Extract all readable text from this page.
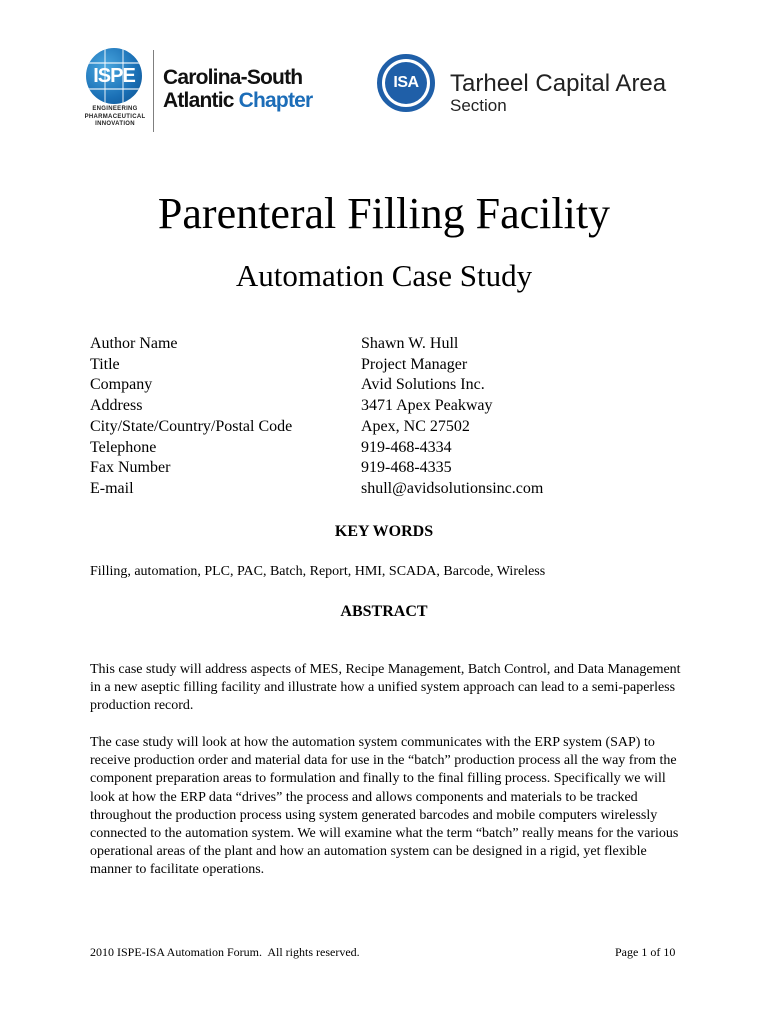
ISPE
ENGINEERING
PHARMACEUTICAL
INNOVATION
Carolina-South
Atlantic Chapter
ISA	Tarheel Capital Area
Section
Parenteral Filling Facility
Automation Case Study
Author Name	Shawn W. Hull
Title	Project Manager
Company	Avid Solutions Inc.
Address	3471 Apex Peakway
City/State/Country/Postal Code	Apex, NC 27502
Telephone	919-468-4334
Fax Number	919-468-4335
E-mail	shull@avidsolutionsinc.com
KEY WORDS
Filling, automation, PLC, PAC, Batch, Report, HMI, SCADA, Barcode, Wireless
ABSTRACT
This case study will address aspects of MES, Recipe Management, Batch Control, and Data Management in a new aseptic filling facility and illustrate how a unified system approach can lead to a semi-paperless production record.
The case study will look at how the automation system communicates with the ERP system (SAP) to receive production order and material data for use in the “batch” production process all the way from the component preparation areas to formulation and finally to the final filling process. Specifically we will look at how the ERP data “drives” the process and allows components and materials to be tracked throughout the production process using system generated barcodes and mobile computers wirelessly connected to the automation system. We will examine what the term “batch” really means for the various operational areas of the plant and how an automation system can be designed in a rigid, yet flexible manner to facilitate operations.
2010 ISPE-ISA Automation Forum.  All rights reserved.	Page 1 of 10
